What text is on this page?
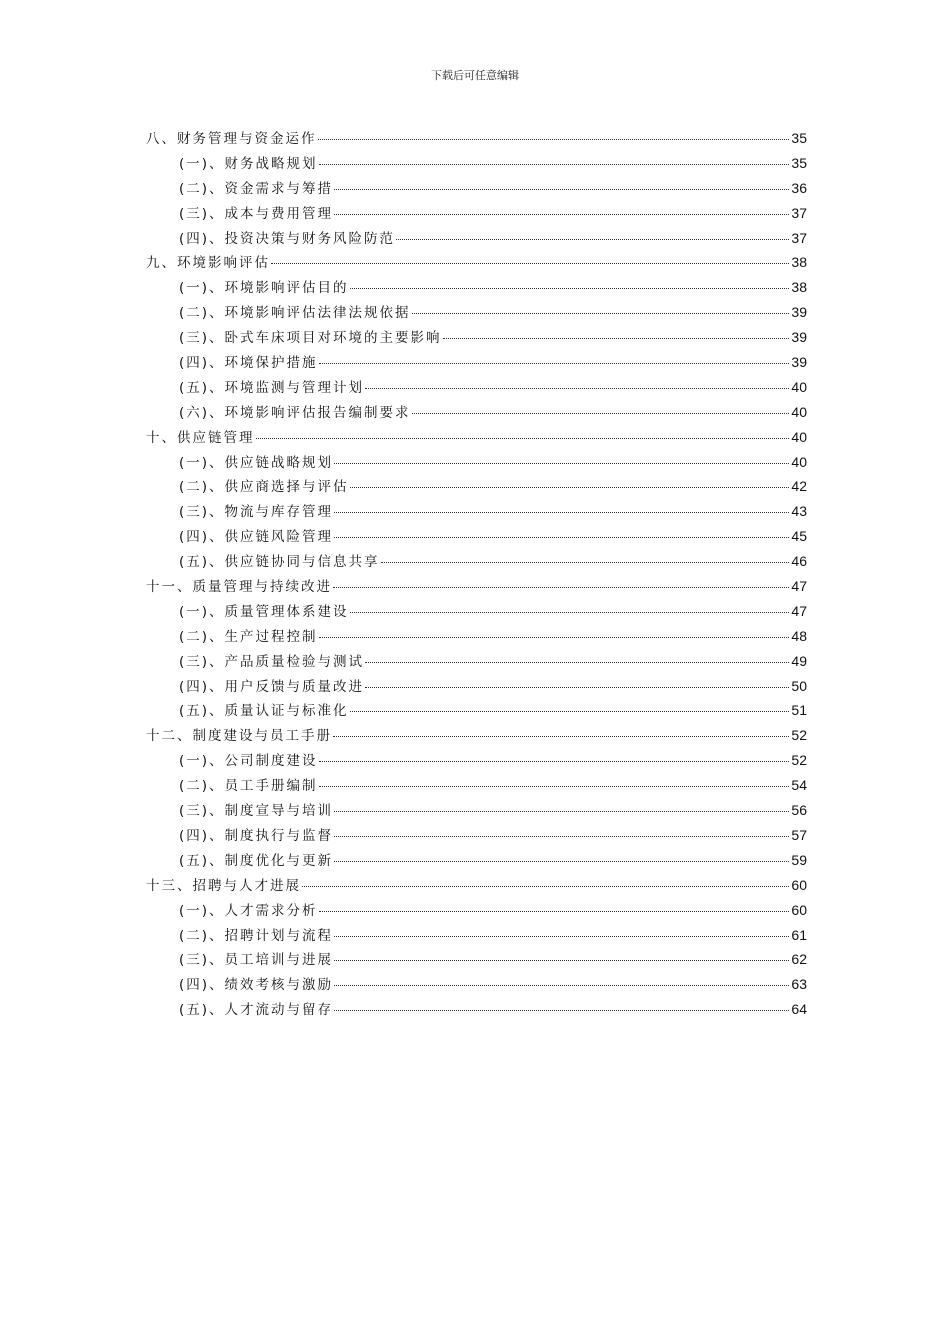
下载后可任意编辑
八、财务管理与资金运作	35
(一)、财务战略规划	35
(二)、资金需求与筹措	36
(三)、成本与费用管理	37
(四)、投资决策与财务风险防范	37
九、环境影响评估	38
(一)、环境影响评估目的	38
(二)、环境影响评估法律法规依据	39
(三)、卧式车床项目对环境的主要影响	39
(四)、环境保护措施	39
(五)、环境监测与管理计划	40
(六)、环境影响评估报告编制要求	40
十、供应链管理	40
(一)、供应链战略规划	40
(二)、供应商选择与评估	42
(三)、物流与库存管理	43
(四)、供应链风险管理	45
(五)、供应链协同与信息共享	46
十一、质量管理与持续改进	47
(一)、质量管理体系建设	47
(二)、生产过程控制	48
(三)、产品质量检验与测试	49
(四)、用户反馈与质量改进	50
(五)、质量认证与标准化	51
十二、制度建设与员工手册	52
(一)、公司制度建设	52
(二)、员工手册编制	54
(三)、制度宣导与培训	56
(四)、制度执行与监督	57
(五)、制度优化与更新	59
十三、招聘与人才进展	60
(一)、人才需求分析	60
(二)、招聘计划与流程	61
(三)、员工培训与进展	62
(四)、绩效考核与激励	63
(五)、人才流动与留存	64
